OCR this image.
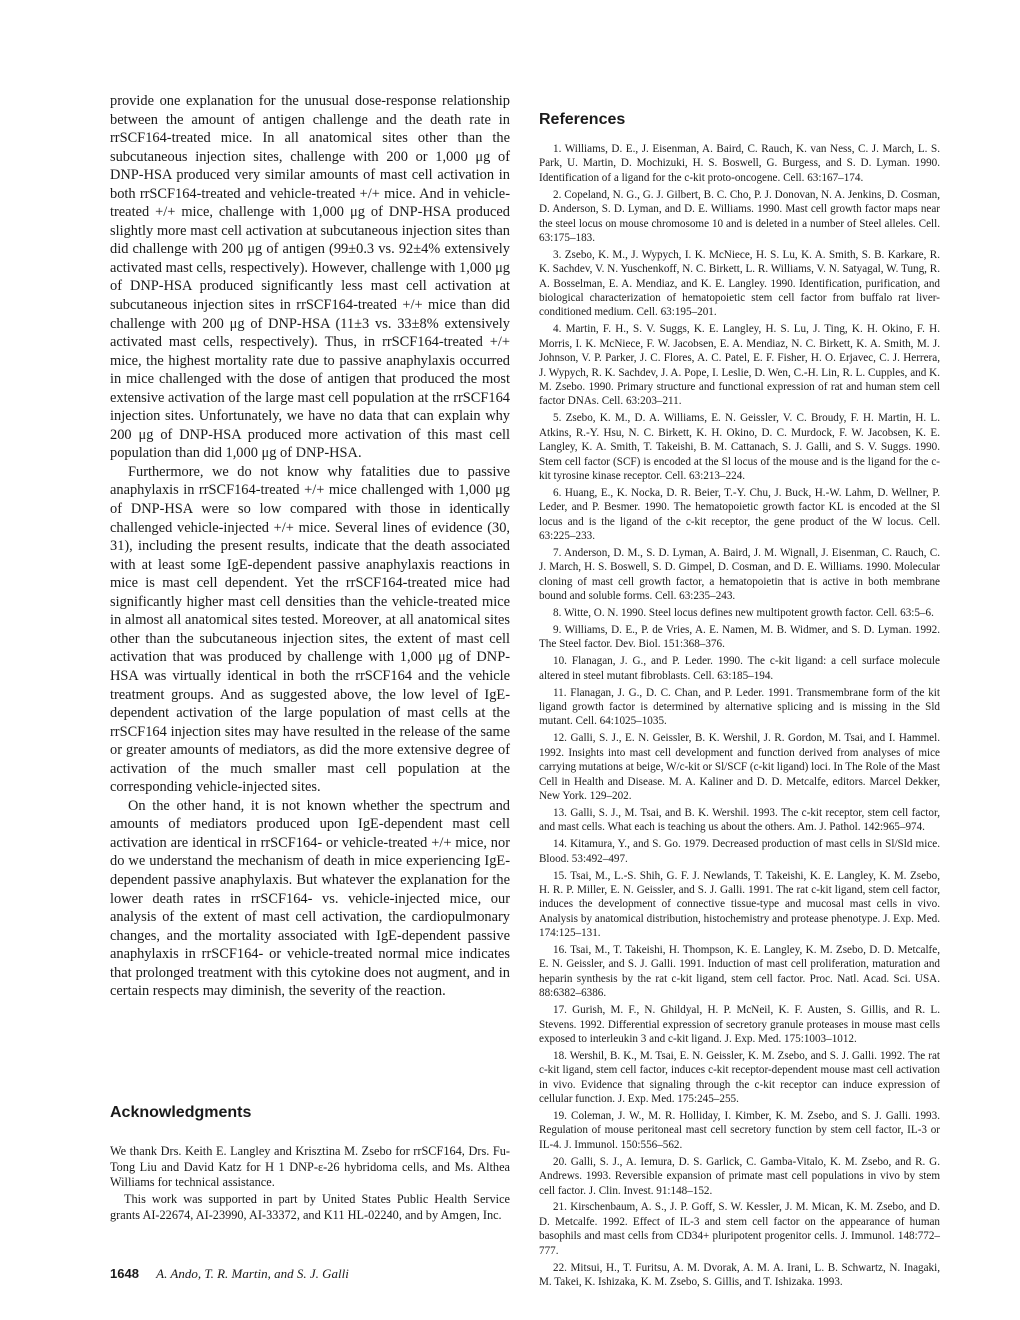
provide one explanation for the unusual dose-response relationship between the amount of antigen challenge and the death rate in rrSCF164-treated mice. In all anatomical sites other than the subcutaneous injection sites, challenge with 200 or 1,000 μg of DNP-HSA produced very similar amounts of mast cell activation in both rrSCF164-treated and vehicle-treated +/+ mice. And in vehicle-treated +/+ mice, challenge with 1,000 μg of DNP-HSA produced slightly more mast cell activation at subcutaneous injection sites than did challenge with 200 μg of antigen (99±0.3 vs. 92±4% extensively activated mast cells, respectively). However, challenge with 1,000 μg of DNP-HSA produced significantly less mast cell activation at subcutaneous injection sites in rrSCF164-treated +/+ mice than did challenge with 200 μg of DNP-HSA (11±3 vs. 33±8% extensively activated mast cells, respectively). Thus, in rrSCF164-treated +/+ mice, the highest mortality rate due to passive anaphylaxis occurred in mice challenged with the dose of antigen that produced the most extensive activation of the large mast cell population at the rrSCF164 injection sites. Unfortunately, we have no data that can explain why 200 μg of DNP-HSA produced more activation of this mast cell population than did 1,000 μg of DNP-HSA.

Furthermore, we do not know why fatalities due to passive anaphylaxis in rrSCF164-treated +/+ mice challenged with 1,000 μg of DNP-HSA were so low compared with those in identically challenged vehicle-injected +/+ mice. Several lines of evidence (30, 31), including the present results, indicate that the death associated with at least some IgE-dependent passive anaphylaxis reactions in mice is mast cell dependent. Yet the rrSCF164-treated mice had significantly higher mast cell densities than the vehicle-treated mice in almost all anatomical sites tested. Moreover, at all anatomical sites other than the subcutaneous injection sites, the extent of mast cell activation that was produced by challenge with 1,000 μg of DNP-HSA was virtually identical in both the rrSCF164 and the vehicle treatment groups. And as suggested above, the low level of IgE-dependent activation of the large population of mast cells at the rrSCF164 injection sites may have resulted in the release of the same or greater amounts of mediators, as did the more extensive degree of activation of the much smaller mast cell population at the corresponding vehicle-injected sites.

On the other hand, it is not known whether the spectrum and amounts of mediators produced upon IgE-dependent mast cell activation are identical in rrSCF164- or vehicle-treated +/+ mice, nor do we understand the mechanism of death in mice experiencing IgE-dependent passive anaphylaxis. But whatever the explanation for the lower death rates in rrSCF164- vs. vehicle-injected mice, our analysis of the extent of mast cell activation, the cardiopulmonary changes, and the mortality associated with IgE-dependent passive anaphylaxis in rrSCF164- or vehicle-treated normal mice indicates that prolonged treatment with this cytokine does not augment, and in certain respects may diminish, the severity of the reaction.

Acknowledgments

We thank Drs. Keith E. Langley and Krisztina M. Zsebo for rrSCF164, Drs. Fu-Tong Liu and David Katz for H 1 DNP-ε-26 hybridoma cells, and Ms. Althea Williams for technical assistance.

This work was supported in part by United States Public Health Service grants AI-22674, AI-23990, AI-33372, and K11 HL-02240, and by Amgen, Inc.

References
1. Williams, D. E., J. Eisenman, A. Baird, C. Rauch, K. van Ness, C. J. March, L. S. Park, U. Martin, D. Mochizuki, H. S. Boswell, G. Burgess, and S. D. Lyman. 1990. Identification of a ligand for the c-kit proto-oncogene. Cell. 63:167–174.
2. Copeland, N. G., G. J. Gilbert, B. C. Cho, P. J. Donovan, N. A. Jenkins, D. Cosman, D. Anderson, S. D. Lyman, and D. E. Williams. 1990. Mast cell growth factor maps near the steel locus on mouse chromosome 10 and is deleted in a number of Steel alleles. Cell. 63:175–183.
3. Zsebo, K. M., J. Wypych, I. K. McNiece, H. S. Lu, K. A. Smith, S. B. Karkare, R. K. Sachdev, V. N. Yuschenkoff, N. C. Birkett, L. R. Williams, V. N. Satyagal, W. Tung, R. A. Bosselman, E. A. Mendiaz, and K. E. Langley. 1990. Identification, purification, and biological characterization of hematopoietic stem cell factor from buffalo rat liver-conditioned medium. Cell. 63:195–201.
4. Martin, F. H., S. V. Suggs, K. E. Langley, H. S. Lu, J. Ting, K. H. Okino, F. H. Morris, I. K. McNiece, F. W. Jacobsen, E. A. Mendiaz, N. C. Birkett, K. A. Smith, M. J. Johnson, V. P. Parker, J. C. Flores, A. C. Patel, E. F. Fisher, H. O. Erjavec, C. J. Herrera, J. Wypych, R. K. Sachdev, J. A. Pope, I. Leslie, D. Wen, C.-H. Lin, R. L. Cupples, and K. M. Zsebo. 1990. Primary structure and functional expression of rat and human stem cell factor DNAs. Cell. 63:203–211.
5. Zsebo, K. M., D. A. Williams, E. N. Geissler, V. C. Broudy, F. H. Martin, H. L. Atkins, R.-Y. Hsu, N. C. Birkett, K. H. Okino, D. C. Murdock, F. W. Jacobsen, K. E. Langley, K. A. Smith, T. Takeishi, B. M. Cattanach, S. J. Galli, and S. V. Suggs. 1990. Stem cell factor (SCF) is encoded at the Sl locus of the mouse and is the ligand for the c-kit tyrosine kinase receptor. Cell. 63:213–224.
6. Huang, E., K. Nocka, D. R. Beier, T.-Y. Chu, J. Buck, H.-W. Lahm, D. Wellner, P. Leder, and P. Besmer. 1990. The hematopoietic growth factor KL is encoded at the Sl locus and is the ligand of the c-kit receptor, the gene product of the W locus. Cell. 63:225–233.
7. Anderson, D. M., S. D. Lyman, A. Baird, J. M. Wignall, J. Eisenman, C. Rauch, C. J. March, H. S. Boswell, S. D. Gimpel, D. Cosman, and D. E. Williams. 1990. Molecular cloning of mast cell growth factor, a hematopoietin that is active in both membrane bound and soluble forms. Cell. 63:235–243.
8. Witte, O. N. 1990. Steel locus defines new multipotent growth factor. Cell. 63:5–6.
9. Williams, D. E., P. de Vries, A. E. Namen, M. B. Widmer, and S. D. Lyman. 1992. The Steel factor. Dev. Biol. 151:368–376.
10. Flanagan, J. G., and P. Leder. 1990. The c-kit ligand: a cell surface molecule altered in steel mutant fibroblasts. Cell. 63:185–194.
11. Flanagan, J. G., D. C. Chan, and P. Leder. 1991. Transmembrane form of the kit ligand growth factor is determined by alternative splicing and is missing in the Sld mutant. Cell. 64:1025–1035.
12. Galli, S. J., E. N. Geissler, B. K. Wershil, J. R. Gordon, M. Tsai, and I. Hammel. 1992. Insights into mast cell development and function derived from analyses of mice carrying mutations at beige, W/c-kit or Sl/SCF (c-kit ligand) loci. In The Role of the Mast Cell in Health and Disease. M. A. Kaliner and D. D. Metcalfe, editors. Marcel Dekker, New York. 129–202.
13. Galli, S. J., M. Tsai, and B. K. Wershil. 1993. The c-kit receptor, stem cell factor, and mast cells. What each is teaching us about the others. Am. J. Pathol. 142:965–974.
14. Kitamura, Y., and S. Go. 1979. Decreased production of mast cells in Sl/Sld mice. Blood. 53:492–497.
15. Tsai, M., L.-S. Shih, G. F. J. Newlands, T. Takeishi, K. E. Langley, K. M. Zsebo, H. R. P. Miller, E. N. Geissler, and S. J. Galli. 1991. The rat c-kit ligand, stem cell factor, induces the development of connective tissue-type and mucosal mast cells in vivo. Analysis by anatomical distribution, histochemistry and protease phenotype. J. Exp. Med. 174:125–131.
16. Tsai, M., T. Takeishi, H. Thompson, K. E. Langley, K. M. Zsebo, D. D. Metcalfe, E. N. Geissler, and S. J. Galli. 1991. Induction of mast cell proliferation, maturation and heparin synthesis by the rat c-kit ligand, stem cell factor. Proc. Natl. Acad. Sci. USA. 88:6382–6386.
17. Gurish, M. F., N. Ghildyal, H. P. McNeil, K. F. Austen, S. Gillis, and R. L. Stevens. 1992. Differential expression of secretory granule proteases in mouse mast cells exposed to interleukin 3 and c-kit ligand. J. Exp. Med. 175:1003–1012.
18. Wershil, B. K., M. Tsai, E. N. Geissler, K. M. Zsebo, and S. J. Galli. 1992. The rat c-kit ligand, stem cell factor, induces c-kit receptor-dependent mouse mast cell activation in vivo. Evidence that signaling through the c-kit receptor can induce expression of cellular function. J. Exp. Med. 175:245–255.
19. Coleman, J. W., M. R. Holliday, I. Kimber, K. M. Zsebo, and S. J. Galli. 1993. Regulation of mouse peritoneal mast cell secretory function by stem cell factor, IL-3 or IL-4. J. Immunol. 150:556–562.
20. Galli, S. J., A. Iemura, D. S. Garlick, C. Gamba-Vitalo, K. M. Zsebo, and R. G. Andrews. 1993. Reversible expansion of primate mast cell populations in vivo by stem cell factor. J. Clin. Invest. 91:148–152.
21. Kirschenbaum, A. S., J. P. Goff, S. W. Kessler, J. M. Mican, K. M. Zsebo, and D. D. Metcalfe. 1992. Effect of IL-3 and stem cell factor on the appearance of human basophils and mast cells from CD34+ pluripotent progenitor cells. J. Immunol. 148:772–777.
22. Mitsui, H., T. Furitsu, A. M. Dvorak, A. M. A. Irani, L. B. Schwartz, N. Inagaki, M. Takei, K. Ishizaka, K. M. Zsebo, S. Gillis, and T. Ishizaka. 1993.
1648 A. Ando, T. R. Martin, and S. J. Galli
